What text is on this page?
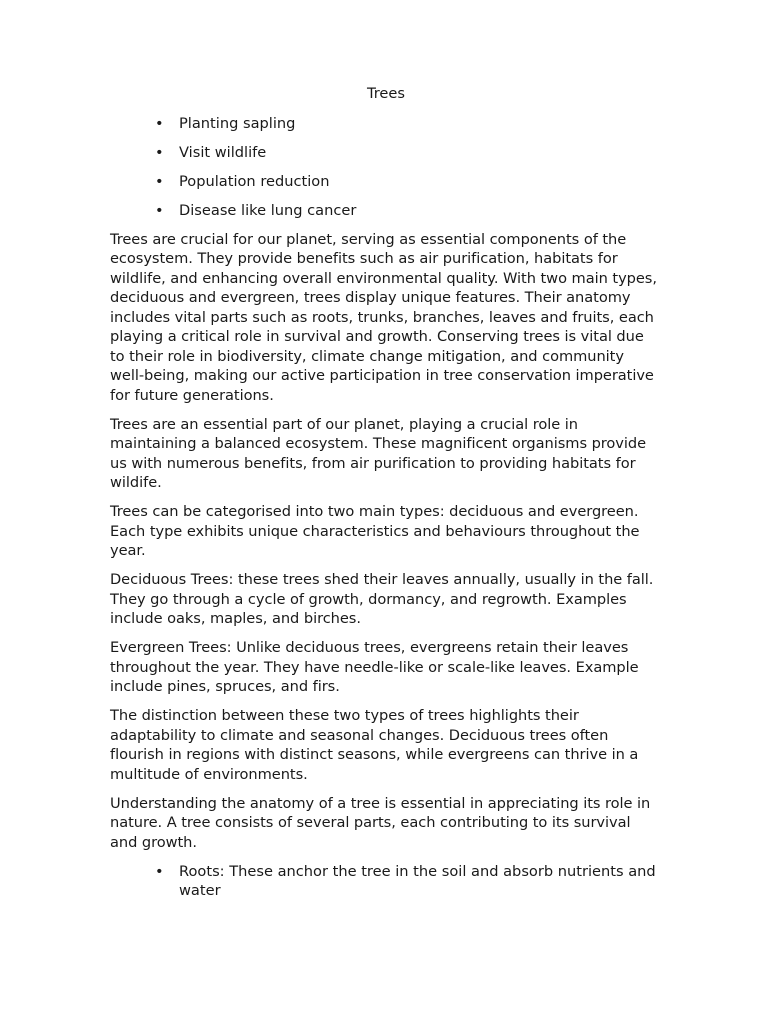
Trees
• Planting sapling
• Visit wildlife
• Population reduction
• Disease like lung cancer

Trees are crucial for our planet, serving as essential components of the ecosystem. They provide benefits such as air purification, habitats for wildlife, and enhancing overall environmental quality. With two main types, deciduous and evergreen, trees display unique features. Their anatomy includes vital parts such as roots, trunks, branches, leaves and fruits, each playing a critical role in survival and growth. Conserving trees is vital due to their role in biodiversity, climate change mitigation, and community well-being, making our active participation in tree conservation imperative for future generations.

Trees are an essential part of our planet, playing a crucial role in maintaining a balanced ecosystem. These magnificent organisms provide us with numerous benefits, from air purification to providing habitats for wildife.

Trees can be categorised into two main types: deciduous and evergreen. Each type exhibits unique characteristics and behaviours throughout the year.

Deciduous Trees: these trees shed their leaves annually, usually in the fall. They go through a cycle of growth, dormancy, and regrowth. Examples include oaks, maples, and birches.

Evergreen Trees: Unlike deciduous trees, evergreens retain their leaves throughout the year. They have needle-like or scale-like leaves. Example include pines, spruces, and firs.

The distinction between these two types of trees highlights their adaptability to climate and seasonal changes. Deciduous trees often flourish in regions with distinct seasons, while evergreens can thrive in a multitude of environments.

Understanding the anatomy of a tree is essential in appreciating its role in nature. A tree consists of several parts, each contributing to its survival and growth.

• Roots: These anchor the tree in the soil and absorb nutrients and water
